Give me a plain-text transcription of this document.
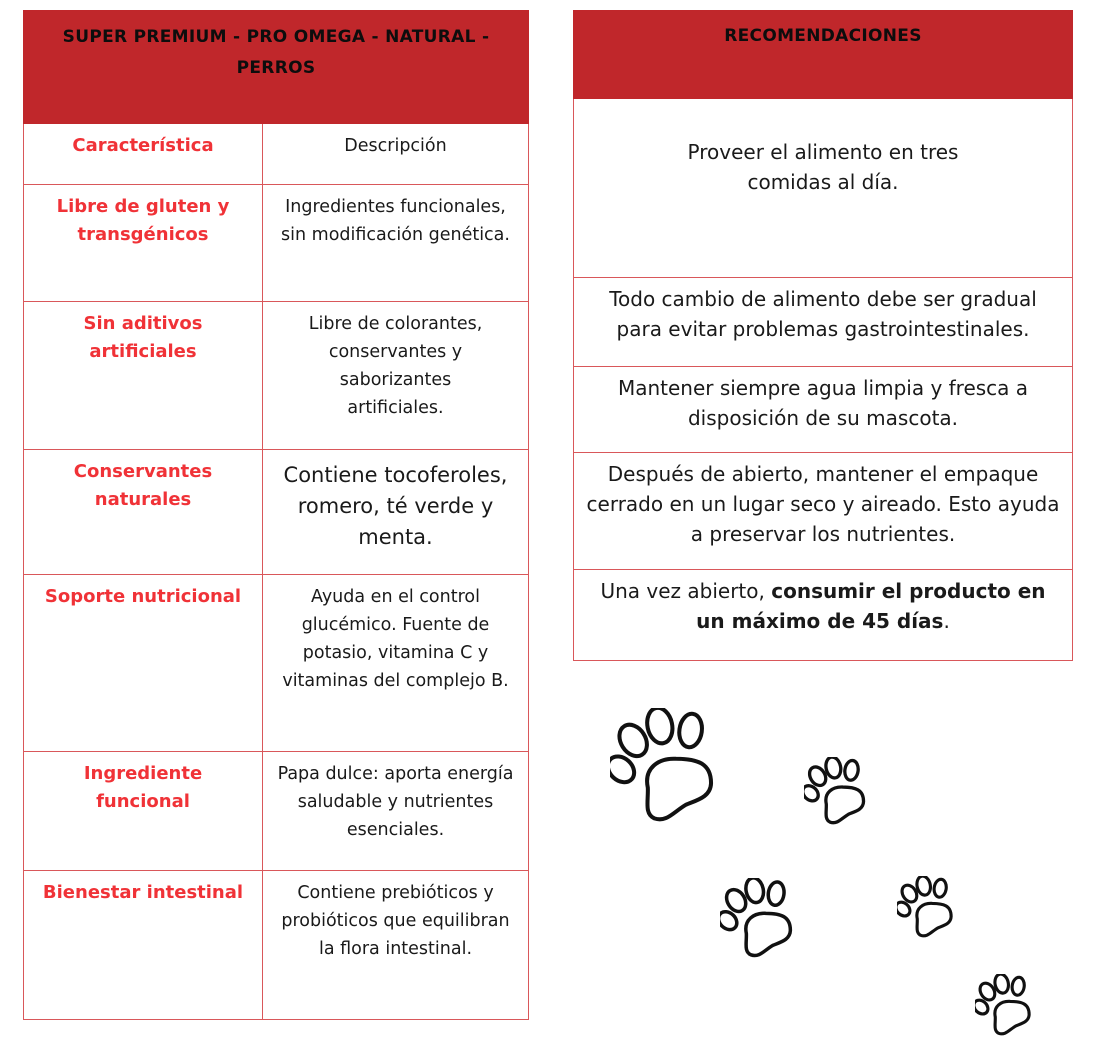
SUPER PREMIUM - PRO OMEGA - NATURAL - PERROS	
Característica	Descripción
Libre de gluten y transgénicos	Ingredientes funcionales, sin modificación genética.
Sin aditivos artificiales	Libre de colorantes, conservantes y saborizantes artificiales.
Conservantes naturales	Contiene tocoferoles, romero, té verde y menta.
Soporte nutricional	Ayuda en el control glucémico. Fuente de potasio, vitamina C y vitaminas del complejo B.
Ingrediente funcional	Papa dulce: aporta energía saludable y nutrientes esenciales.
Bienestar intestinal	Contiene prebióticos y probióticos que equilibran la flora intestinal.
RECOMENDACIONES
Proveer el alimento en tres comidas al día.
Todo cambio de alimento debe ser gradual para evitar problemas gastrointestinales.
Mantener siempre agua limpia y fresca a disposición de su mascota.
Después de abierto, mantener el empaque cerrado en un lugar seco y aireado. Esto ayuda a preservar los nutrientes.
Una vez abierto, consumir el producto en un máximo de 45 días.
